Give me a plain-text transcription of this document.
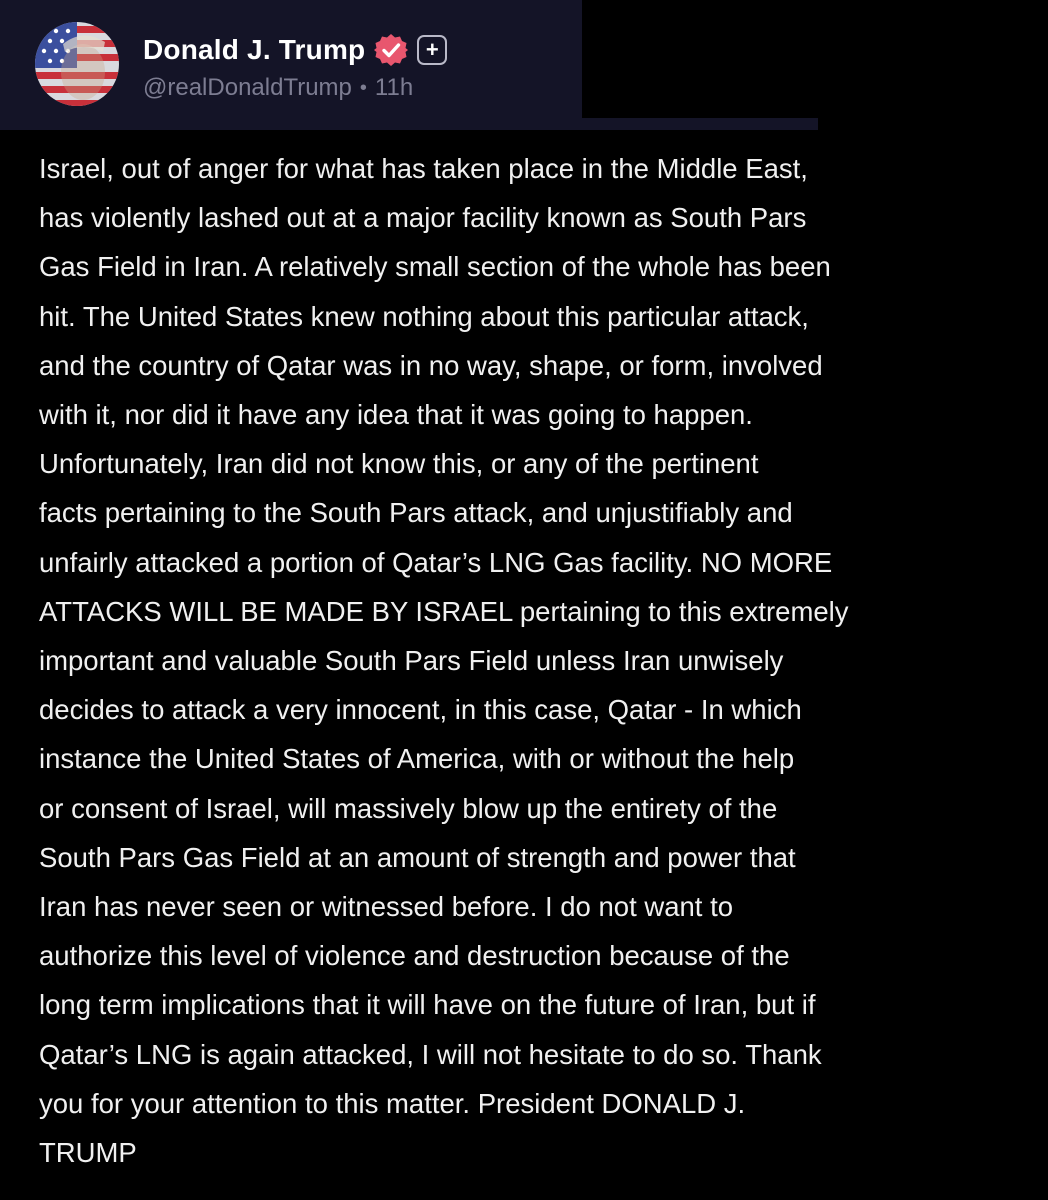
Donald J. Trump	+
@realDonaldTrump • 11h

Israel, out of anger for what has taken place in the Middle East,
has violently lashed out at a major facility known as South Pars
Gas Field in Iran. A relatively small section of the whole has been
hit. The United States knew nothing about this particular attack,
and the country of Qatar was in no way, shape, or form, involved
with it, nor did it have any idea that it was going to happen.
Unfortunately, Iran did not know this, or any of the pertinent
facts pertaining to the South Pars attack, and unjustifiably and
unfairly attacked a portion of Qatar’s LNG Gas facility. NO MORE
ATTACKS WILL BE MADE BY ISRAEL pertaining to this extremely
important and valuable South Pars Field unless Iran unwisely
decides to attack a very innocent, in this case, Qatar - In which
instance the United States of America, with or without the help
or consent of Israel, will massively blow up the entirety of the
South Pars Gas Field at an amount of strength and power that
Iran has never seen or witnessed before. I do not want to
authorize this level of violence and destruction because of the
long term implications that it will have on the future of Iran, but if
Qatar’s LNG is again attacked, I will not hesitate to do so. Thank
you for your attention to this matter. President DONALD J.
TRUMP
